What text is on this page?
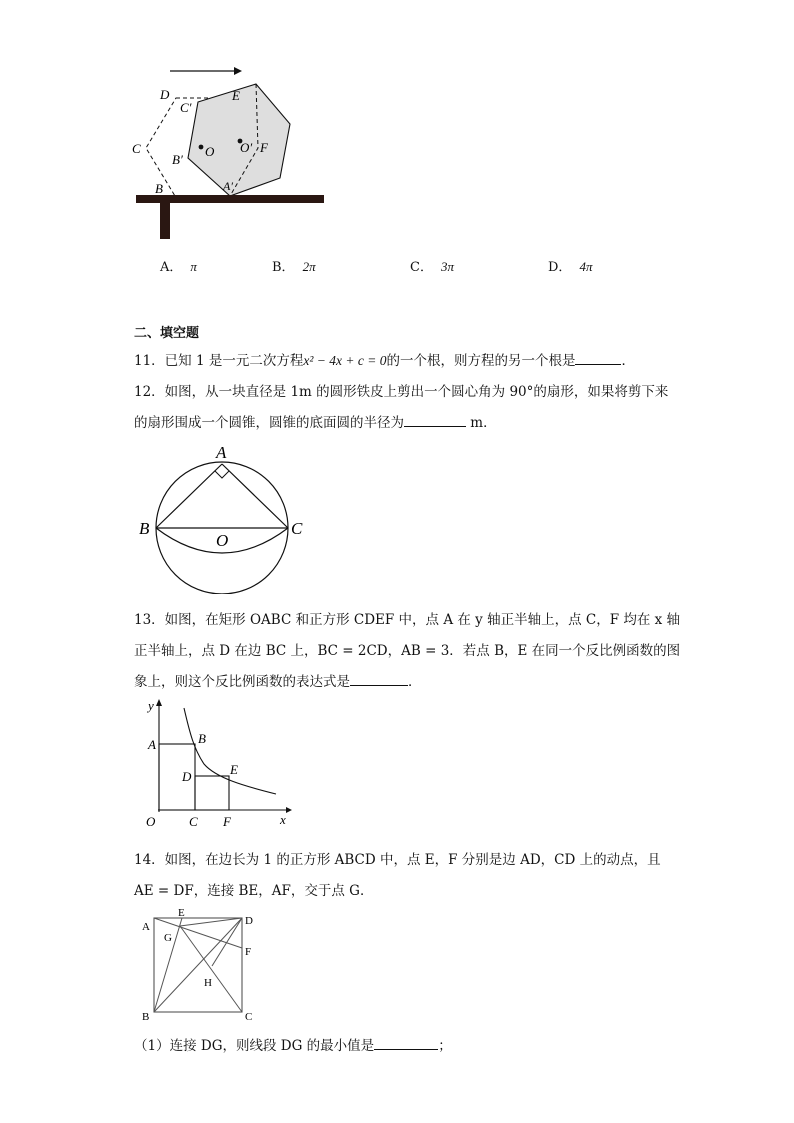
D
C′
E
C
B′
O O′ F
B	A′
A． π	B． 2π	C． 3π	D． 4π
二、填空题
11．已知 1 是一元二次方程x² − 4x + c = 0的一个根，则方程的另一个根是	．
12．如图，从一块直径是 1m 的圆形铁皮上剪出一个圆心角为 90°的扇形，如果将剪下来
的扇形围成一个圆锥，圆锥的底面圆的半径为	m．
A
B	C
O
13．如图，在矩形 OABC 和正方形 CDEF 中，点 A 在 y 轴正半轴上，点 C，F 均在 x 轴
正半轴上，点 D 在边 BC 上，BC = 2CD，AB = 3．若点 B，E 在同一个反比例函数的图
象上，则这个反比例函数的表达式是	．
y
x
O
A	B
C
D	E
F
14．如图，在边长为 1 的正方形 ABCD 中，点 E，F 分别是边 AD，CD 上的动点，且
AE = DF，连接 BE，AF，交于点 G．
A
E
D
G
F
H
B	C
（1）连接 DG，则线段 DG 的最小值是	；
